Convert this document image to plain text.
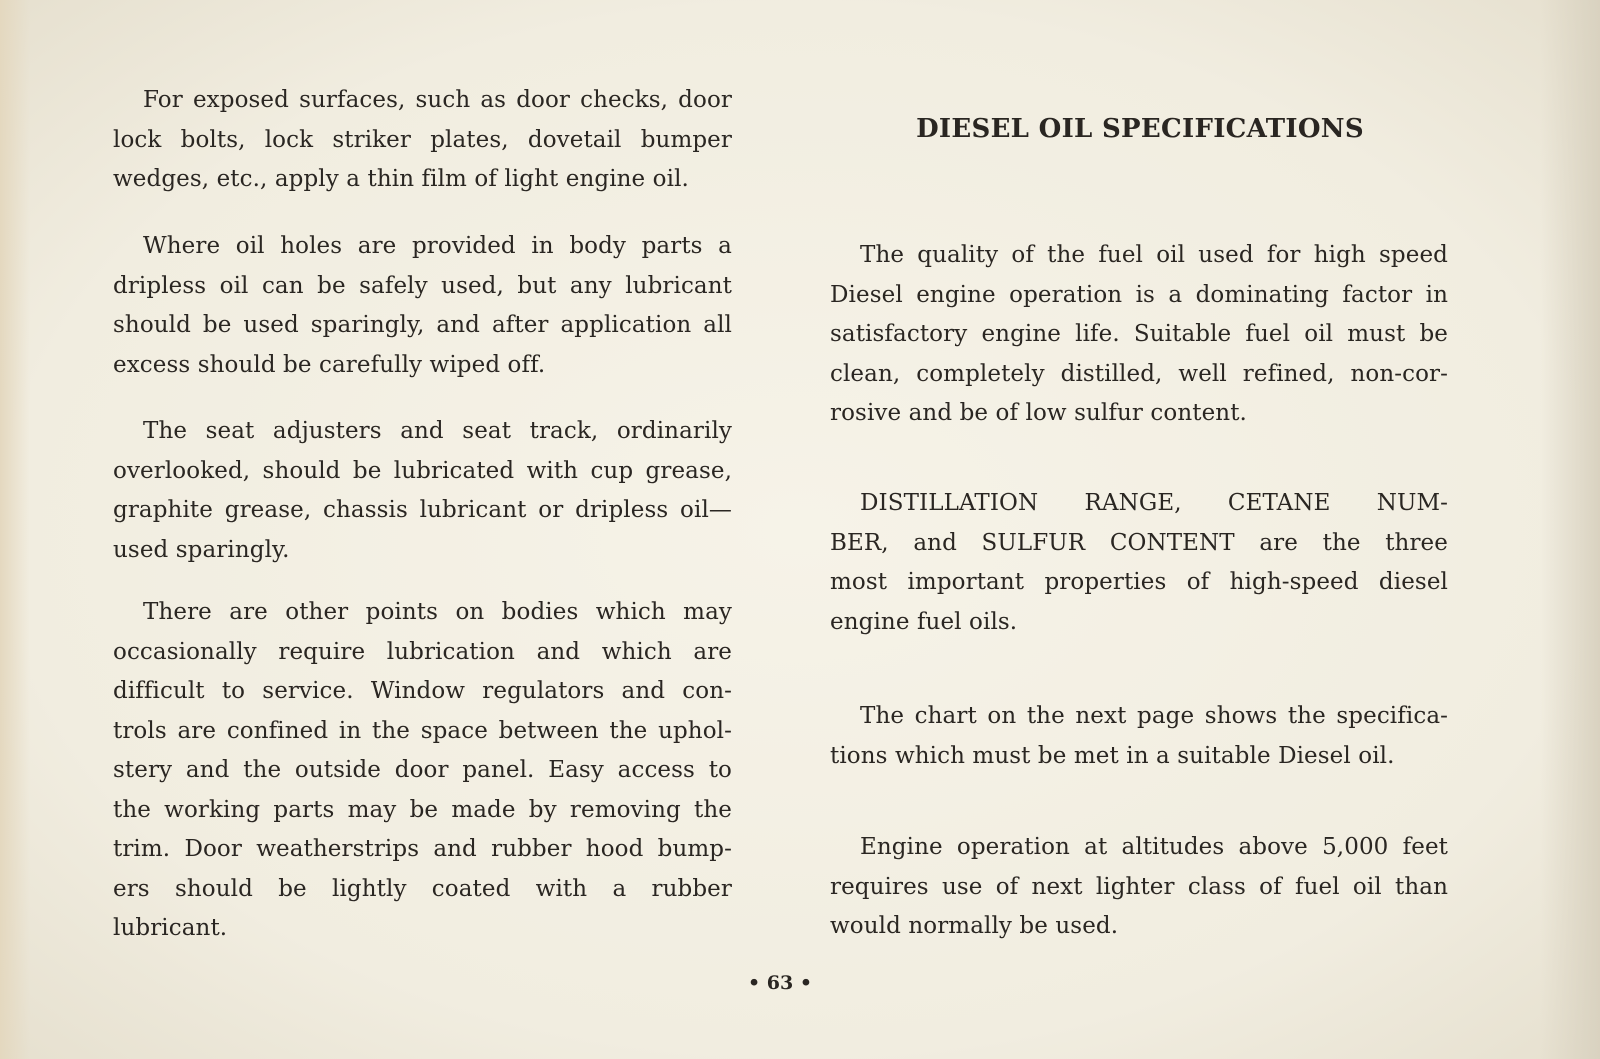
For exposed surfaces, such as door checks, door
lock bolts, lock striker plates, dovetail bumper
wedges, etc., apply a thin film of light engine oil.
Where oil holes are provided in body parts a
dripless oil can be safely used, but any lubricant
should be used sparingly, and after application all
excess should be carefully wiped off.
The seat adjusters and seat track, ordinarily
overlooked, should be lubricated with cup grease,
graphite grease, chassis lubricant or dripless oil—
used sparingly.
There are other points on bodies which may
occasionally require lubrication and which are
difficult to service. Window regulators and con-
trols are confined in the space between the uphol-
stery and the outside door panel. Easy access to
the working parts may be made by removing the
trim. Door weatherstrips and rubber hood bump-
ers should be lightly coated with a rubber
lubricant.
DIESEL OIL SPECIFICATIONS
The quality of the fuel oil used for high speed
Diesel engine operation is a dominating factor in
satisfactory engine life. Suitable fuel oil must be
clean, completely distilled, well refined, non-cor-
rosive and be of low sulfur content.
DISTILLATION RANGE, CETANE NUM-
BER, and SULFUR CONTENT are the three
most important properties of high-speed diesel
engine fuel oils.
The chart on the next page shows the specifica-
tions which must be met in a suitable Diesel oil.
Engine operation at altitudes above 5,000 feet
requires use of next lighter class of fuel oil than
would normally be used.
• 63 •
